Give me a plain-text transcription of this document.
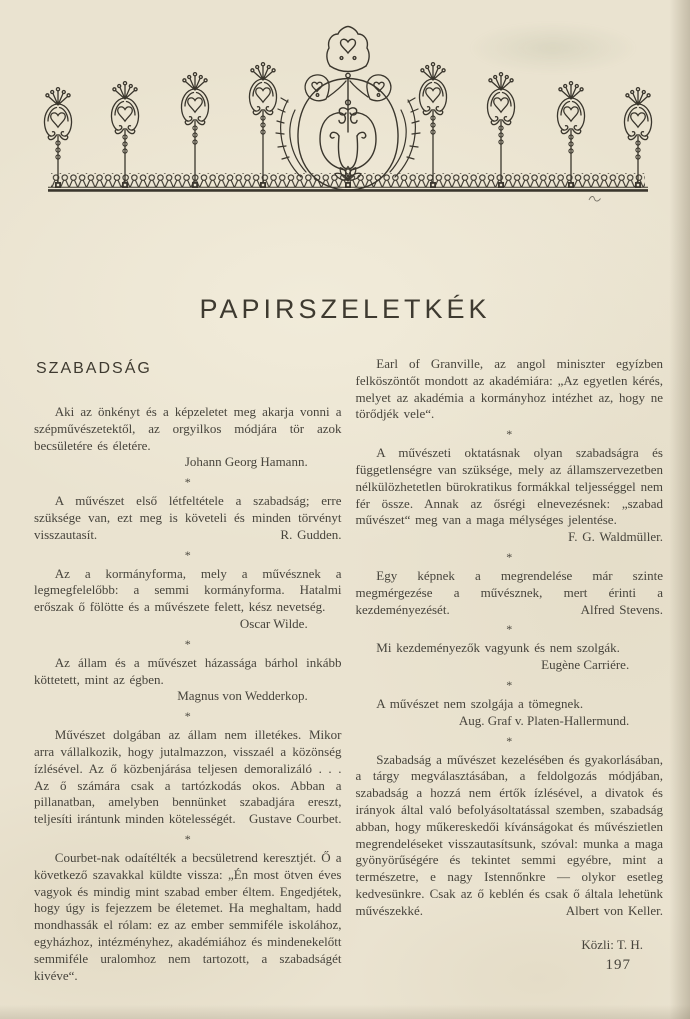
PAPIRSZELETKÉK
SZABADSÁG

Aki az önkényt és a képzeletet meg akarja vonni a szépművészetektől, az orgyilkos módjára tör azok becsületére és életére.

Johann Georg Hamann.
*

A művészet első létfeltétele a szabadság; erre szüksége van, ezt meg is követeli és minden törvényt visszautasít.	R. Gudden.

*

Az a kormányforma, mely a művésznek a legmegfelelőbb: a semmi kormányforma. Hatalmi erőszak ő fölötte és a művészete felett, kész nevetség.

Oscar Wilde.
*

Az állam és a művészet házassága bárhol inkább köttetett, mint az égben.

Magnus von Wedderkop.
*

Művészet dolgában az állam nem illetékes. Mikor arra vállalkozik, hogy jutalmazzon, visszaél a közönség ízlésével. Az ő közbenjárása teljesen demoralizáló . . . Az ő számára csak a tartózkodás okos. Abban a pillanatban, amelyben bennünket szabadjára ereszt, teljesíti irántunk minden kötelességét.	Gustave Courbet.

*

Courbet-nak odaítélték a becsületrend keresztjét. Ő a következő szavakkal küldte vissza: „Én most ötven éves vagyok és mindig mint szabad ember éltem. Engedjétek, hogy úgy is fejezzem be életemet. Ha meghaltam, hadd mondhassák el rólam: ez az ember semmiféle iskolához, egyházhoz, intézményhez, akadémiához és mindenekelőtt semmiféle uralomhoz nem tartozott, a szabadságét kivéve“.

Earl of Granville, az angol miniszter egyízben felköszöntőt mondott az akadémiára: „Az egyetlen kérés, melyet az akadémia a kormányhoz intézhet az, hogy ne törődjék vele“.

*

A művészeti oktatásnak olyan szabadságra és függetlenségre van szüksége, mely az államszervezetben nélkülözhetetlen bürokratikus formákkal teljességgel nem fér össze. Annak az ősrégi elnevezésnek: „szabad művészet“ meg van a maga mélységes jelentése.
F. G. Waldmüller.

*

Egy képnek a megrendelése már szinte megmérgezése a művésznek, mert érinti a kezdeményezését.	Alfred Stevens.

*

Mi kezdeményezők vagyunk és nem szolgák.

Eugène Carriére.
*

A művészet nem szolgája a tömegnek.

Aug. Graf v. Platen-Hallermund.
*

Szabadság a művészet kezelésében és gyakorlásában, a tárgy megválasztásában, a feldolgozás módjában, szabadság a hozzá nem értők ízlésével, a divatok és irányok által való befolyásoltatással szemben, szabadság abban, hogy műkereskedői kívánságokat és művészietlen megrendeléseket visszautasítsunk, szóval: munka a maga gyönyörűségére és tekintet semmi egyébre, mint a természetre, e nagy Istennőnkre — olykor esetleg kedvesünkre. Csak az ő keblén és csak ő általa lehetünk művészekké.	Albert von Keller.

Közli: T. H.
197
